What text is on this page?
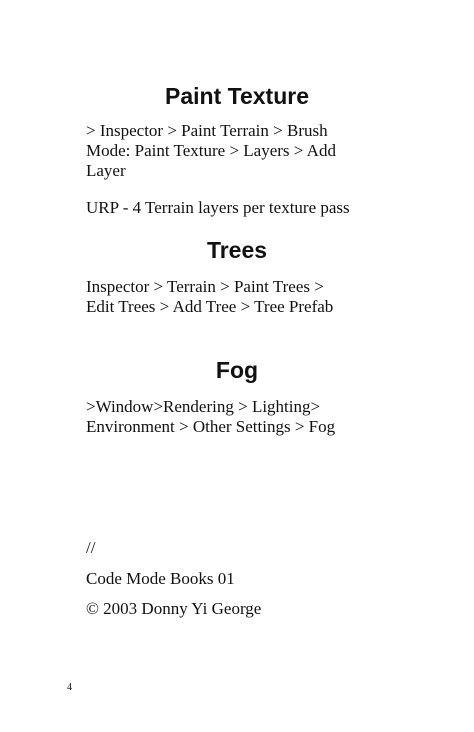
Paint Texture

> Inspector > Paint Terrain > Brush
Mode: Paint Texture > Layers > Add
Layer

URP - 4 Terrain layers per texture pass

Trees

Inspector > Terrain > Paint Trees >
Edit Trees > Add Tree > Tree Prefab

Fog

>Window>Rendering > Lighting>
Environment > Other Settings > Fog

//

Code Mode Books 01

© 2003 Donny Yi George

4
